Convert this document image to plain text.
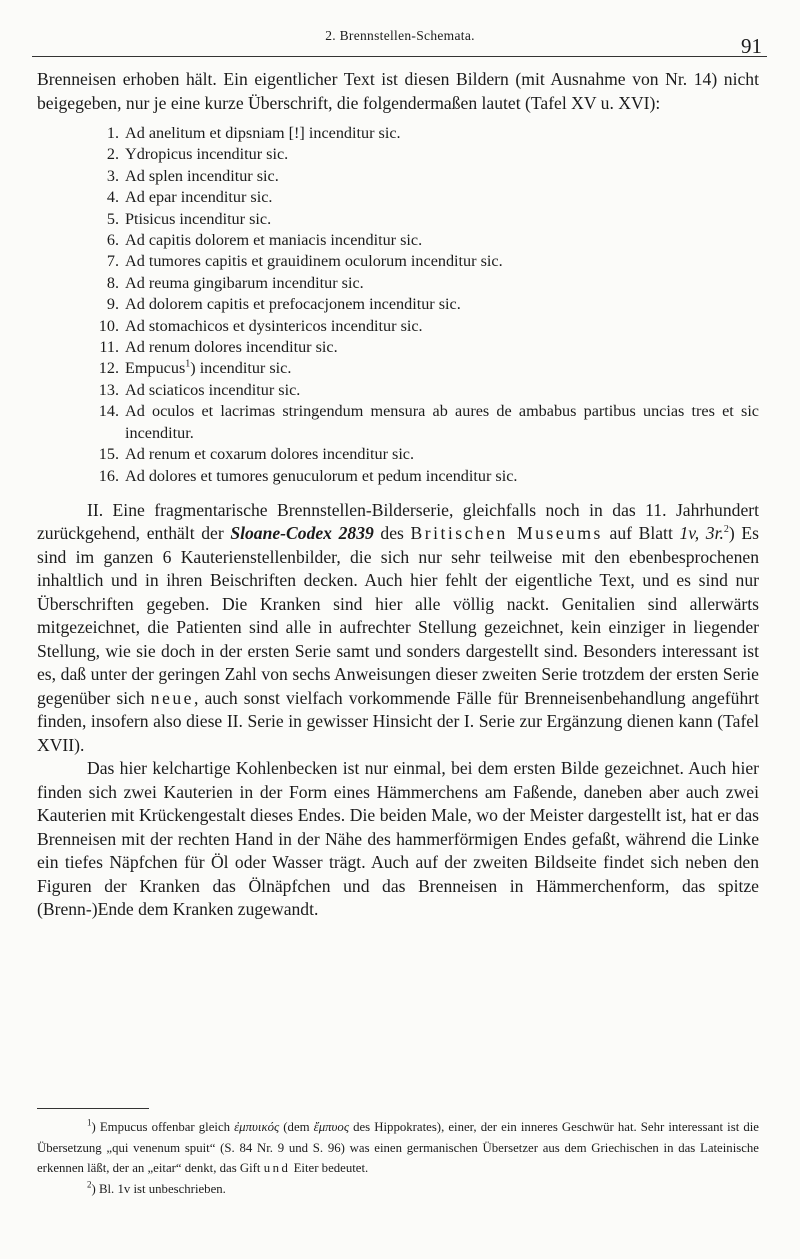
2. Brennstellen-Schemata.	91

Brenneisen erhoben hält. Ein eigentlicher Text ist diesen Bildern (mit Ausnahme von Nr. 14) nicht beigegeben, nur je eine kurze Überschrift, die folgendermaßen lautet (Tafel XV u. XVI):

1. Ad anelitum et dipsniam [!] incenditur sic.
2. Ydropicus incenditur sic.
3. Ad splen incenditur sic.
4. Ad epar incenditur sic.
5. Ptisicus incenditur sic.
6. Ad capitis dolorem et maniacis incenditur sic.
7. Ad tumores capitis et grauidinem oculorum incenditur sic.
8. Ad reuma gingibarum incenditur sic.
9. Ad dolorem capitis et prefocacjonem incenditur sic.
10. Ad stomachicos et dysintericos incenditur sic.
11. Ad renum dolores incenditur sic.
12. Empucus$^1$) incenditur sic.
13. Ad sciaticos incenditur sic.
14. Ad oculos et lacrimas stringendum mensura ab aures de ambabus partibus uncias tres et sic incenditur.
15. Ad renum et coxarum dolores incenditur sic.
16. Ad dolores et tumores genuculorum et pedum incenditur sic.

II. Eine fragmentarische Brennstellen-Bilderserie, gleichfalls noch in das 11. Jahrhundert zurückgehend, enthält der Sloane-Codex 2839 des Britischen Museums auf Blatt 1v, 3r.$^2$) Es sind im ganzen 6 Kauterienstellenbilder, die sich nur sehr teilweise mit den ebenbesprochenen inhaltlich und in ihren Beischriften decken. Auch hier fehlt der eigentliche Text, und es sind nur Überschriften gegeben. Die Kranken sind hier alle völlig nackt. Genitalien sind allerwärts mitgezeichnet, die Patienten sind alle in aufrechter Stellung gezeichnet, kein einziger in liegender Stellung, wie sie doch in der ersten Serie samt und sonders dargestellt sind. Besonders interessant ist es, daß unter der geringen Zahl von sechs Anweisungen dieser zweiten Serie trotzdem der ersten Serie gegenüber sich neue, auch sonst vielfach vorkommende Fälle für Brenneisenbehandlung angeführt finden, insofern also diese II. Serie in gewisser Hinsicht der I. Serie zur Ergänzung dienen kann (Tafel XVII).

Das hier kelchartige Kohlenbecken ist nur einmal, bei dem ersten Bilde gezeichnet. Auch hier finden sich zwei Kauterien in der Form eines Hämmerchens am Faßende, daneben aber auch zwei Kauterien mit Krückengestalt dieses Endes. Die beiden Male, wo der Meister dargestellt ist, hat er das Brenneisen mit der rechten Hand in der Nähe des hammerförmigen Endes gefaßt, während die Linke ein tiefes Näpfchen für Öl oder Wasser trägt. Auch auf der zweiten Bildseite findet sich neben den Figuren der Kranken das Ölnäpfchen und das Brenneisen in Hämmerchenform, das spitze (Brenn-)Ende dem Kranken zugewandt.

$^1$) Empucus offenbar gleich ἐμπυικός (dem ἔμπυος des Hippokrates), einer, der ein inneres Geschwür hat. Sehr interessant ist die Übersetzung „qui venenum spuit“ (S. 84 Nr. 9 und S. 96) was einen germanischen Übersetzer aus dem Griechischen in das Lateinische erkennen läßt, der an „eitar“ denkt, das Gift und Eiter bedeutet.

$^2$) Bl. 1v ist unbeschrieben.
